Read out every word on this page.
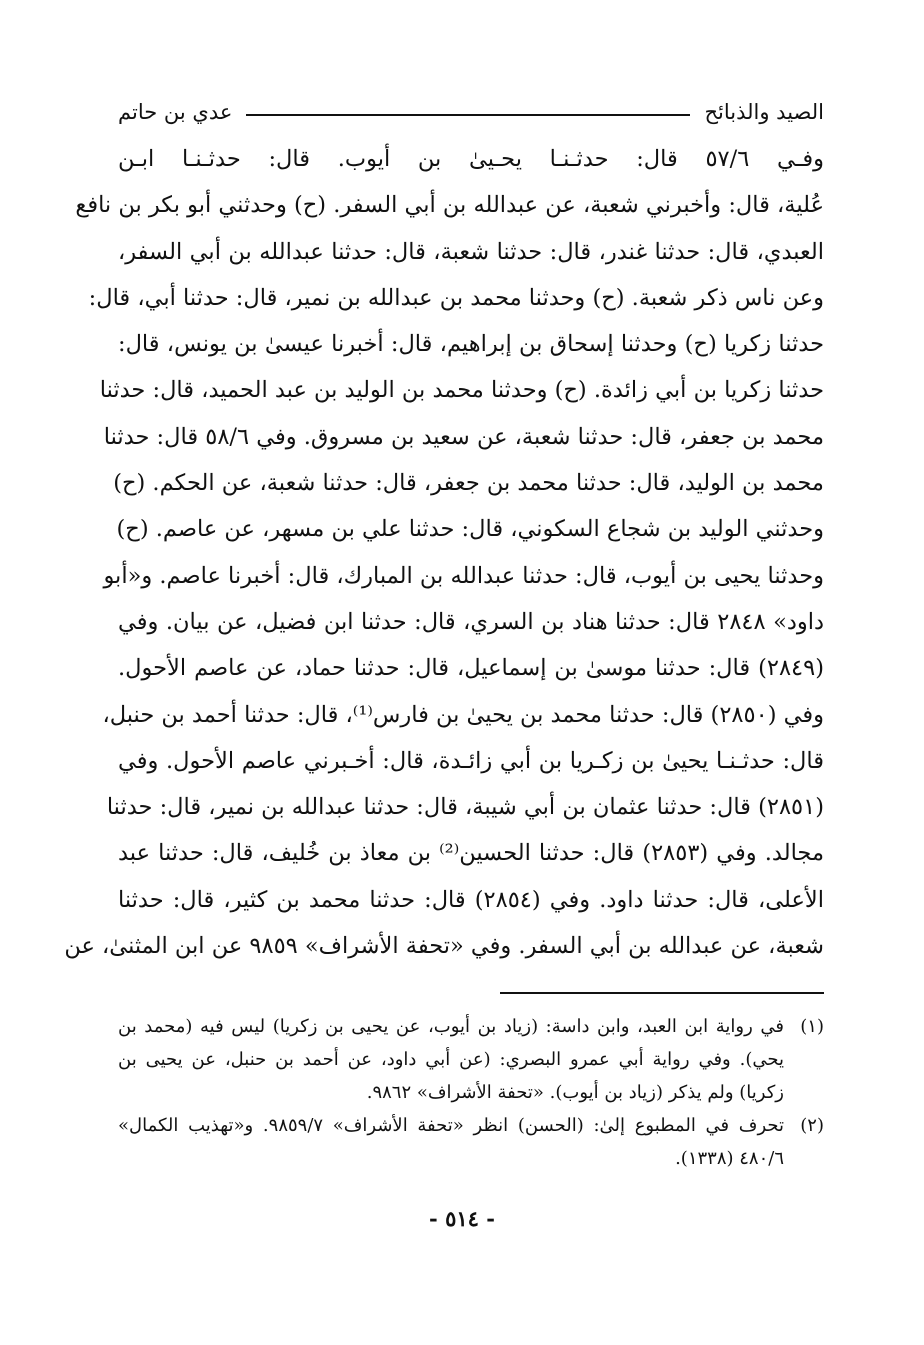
الصيد والذبائح
عدي بن حاتم
وفـي ٥٧/٦ قال: حدثـنـا يحـيىٰ بن أيوب. قال: حدثـنـا ابـن
عُلية، قال: وأخبرني شعبة، عن عبدالله بن أبي السفر. (ح) وحدثني أبو بكر بن نافع
العبدي، قال: حدثنا غندر، قال: حدثنا شعبة، قال: حدثنا عبدالله بن أبي السفر،
وعن ناس ذكر شعبة. (ح) وحدثنا محمد بن عبدالله بن نمير، قال: حدثنا أبي، قال:
حدثنا زكريا (ح) وحدثنا إسحاق بن إبراهيم، قال: أخبرنا عيسىٰ بن يونس، قال:
حدثنا زكريا بن أبي زائدة. (ح) وحدثنا محمد بن الوليد بن عبد الحميد، قال: حدثنا
محمد بن جعفر، قال: حدثنا شعبة، عن سعيد بن مسروق. وفي ٥٨/٦ قال: حدثنا
محمد بن الوليد، قال: حدثنا محمد بن جعفر، قال: حدثنا شعبة، عن الحكم. (ح)
وحدثني الوليد بن شجاع السكوني، قال: حدثنا علي بن مسهر، عن عاصم. (ح)
وحدثنا يحيى بن أيوب، قال: حدثنا عبدالله بن المبارك، قال: أخبرنا عاصم. و«أبو
داود» ٢٨٤٨ قال: حدثنا هناد بن السري، قال: حدثنا ابن فضيل، عن بيان. وفي
(٢٨٤٩) قال: حدثنا موسىٰ بن إسماعيل، قال: حدثنا حماد، عن عاصم الأحول.
وفي (٢٨٥٠) قال: حدثنا محمد بن يحيىٰ بن فارس⁽¹⁾، قال: حدثنا أحمد بن حنبل،
قال: حدثـنـا يحيىٰ بن زكـريا بن أبي زائـدة، قال: أخـبرني عاصم الأحول. وفي
(٢٨٥١) قال: حدثنا عثمان بن أبي شيبة، قال: حدثنا عبدالله بن نمير، قال: حدثنا
مجالد. وفي (٢٨٥٣) قال: حدثنا الحسين⁽²⁾ بن معاذ بن خُليف، قال: حدثنا عبد
الأعلى، قال: حدثنا داود. وفي (٢٨٥٤) قال: حدثنا محمد بن كثير، قال: حدثنا
شعبة، عن عبدالله بن أبي السفر. وفي «تحفة الأشراف» ٩٨٥٩ عن ابن المثنىٰ، عن
(١)
في رواية ابن العبد، وابن داسة: (زياد بن أيوب، عن يحيى بن زكريا) ليس فيه (محمد بن
يحي). وفي رواية أبي عمرو البصري: (عن أبي داود، عن أحمد بن حنبل، عن يحيى بن
زكريا) ولم يذكر (زياد بن أيوب). «تحفة الأشراف» ٩٨٦٢.
(٢)
تحرف في المطبوع إلىٰ: (الحسن) انظر «تحفة الأشراف» ٩٨٥٩/٧. و«تهذيب الكمال»
٤٨٠/٦ (١٣٣٨).
- ٥١٤ -
